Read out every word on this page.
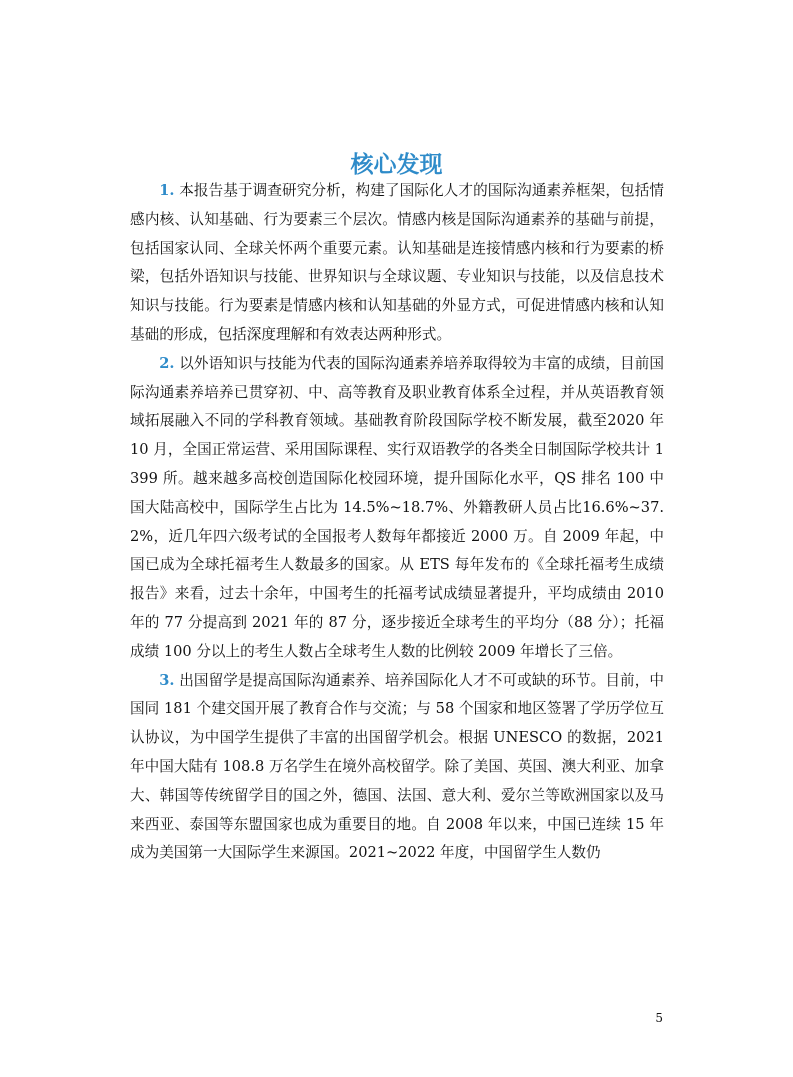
核心发现

1. 本报告基于调查研究分析，构建了国际化人才的国际沟通素养框架，包括情感内核、认知基础、行为要素三个层次。情感内核是国际沟通素养的基础与前提，包括国家认同、全球关怀两个重要元素。认知基础是连接情感内核和行为要素的桥梁，包括外语知识与技能、世界知识与全球议题、专业知识与技能，以及信息技术知识与技能。行为要素是情感内核和认知基础的外显方式，可促进情感内核和认知基础的形成，包括深度理解和有效表达两种形式。

2. 以外语知识与技能为代表的国际沟通素养培养取得较为丰富的成绩，目前国际沟通素养培养已贯穿初、中、高等教育及职业教育体系全过程，并从英语教育领域拓展融入不同的学科教育领域。基础教育阶段国际学校不断发展，截至2020 年 10 月，全国正常运营、采用国际课程、实行双语教学的各类全日制国际学校共计 1399 所。越来越多高校创造国际化校园环境，提升国际化水平，QS 排名 100 中国大陆高校中，国际学生占比为 14.5%~18.7%、外籍教研人员占比16.6%~37.2%，近几年四六级考试的全国报考人数每年都接近 2000 万。自 2009 年起，中国已成为全球托福考生人数最多的国家。从 ETS 每年发布的《全球托福考生成绩报告》来看，过去十余年，中国考生的托福考试成绩显著提升，平均成绩由 2010 年的 77 分提高到 2021 年的 87 分，逐步接近全球考生的平均分（88 分）；托福成绩 100 分以上的考生人数占全球考生人数的比例较 2009 年增长了三倍。

3. 出国留学是提高国际沟通素养、培养国际化人才不可或缺的环节。目前，中国同 181 个建交国开展了教育合作与交流；与 58 个国家和地区签署了学历学位互认协议，为中国学生提供了丰富的出国留学机会。根据 UNESCO 的数据，2021 年中国大陆有 108.8 万名学生在境外高校留学。除了美国、英国、澳大利亚、加拿大、韩国等传统留学目的国之外，德国、法国、意大利、爱尔兰等欧洲国家以及马来西亚、泰国等东盟国家也成为重要目的地。自 2008 年以来，中国已连续 15 年成为美国第一大国际学生来源国。2021~2022 年度，中国留学生人数仍

5
